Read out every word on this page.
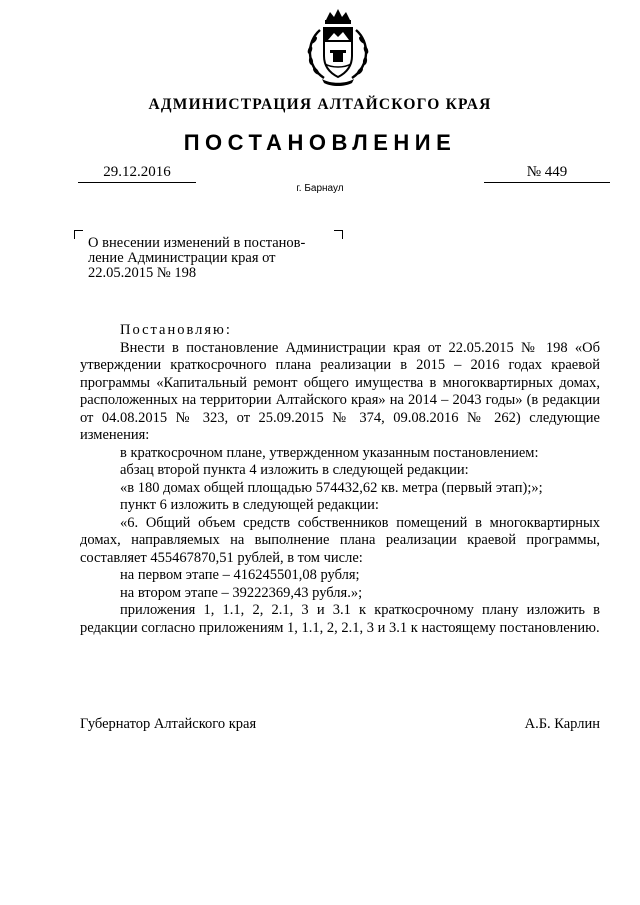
АДМИНИСТРАЦИЯ АЛТАЙСКОГО КРАЯ
ПОСТАНОВЛЕНИЕ
29.12.2016	№ 449
г. Барнаул
О внесении изменений в постанов-
ление Администрации края от
22.05.2015 № 198
Постановляю:
Внести в постановление Администрации края от 22.05.2015 № 198 «Об утверждении краткосрочного плана реализации в 2015 – 2016 годах краевой программы «Капитальный ремонт общего имущества в многоквартирных домах, расположенных на территории Алтайского края» на 2014 – 2043 годы» (в редакции от 04.08.2015 № 323, от 25.09.2015 № 374, 09.08.2016 № 262) следующие изменения:
в краткосрочном плане, утвержденном указанным постановлением:
абзац второй пункта 4 изложить в следующей редакции:
«в 180 домах общей площадью 574432,62 кв. метра (первый этап);»;
пункт 6 изложить в следующей редакции:
«6. Общий объем средств собственников помещений в многоквартирных домах, направляемых на выполнение плана реализации краевой программы, составляет 455467870,51 рублей, в том числе:
на первом этапе – 416245501,08 рубля;
на втором этапе – 39222369,43 рубля.»;
приложения 1, 1.1, 2, 2.1, 3 и 3.1 к краткосрочному плану изложить в редакции согласно приложениям 1, 1.1, 2, 2.1, 3 и 3.1 к настоящему постановлению.
Губернатор Алтайского края	А.Б. Карлин
